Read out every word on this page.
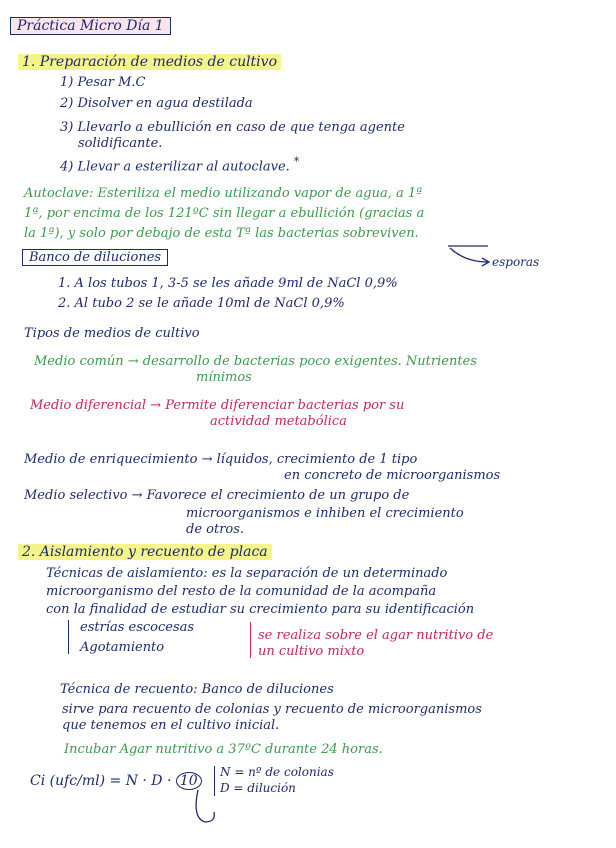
Práctica Micro Día 1
1. Preparación de medios de cultivo
1) Pesar M.C
2) Disolver en agua destilada
3) Llevarlo a ebullición en caso de que tenga agente
solidificante.
4) Llevar a esterilizar al autoclave. *
Autoclave: Esteriliza el medio utilizando vapor de agua, a 1ª
1ª, por encima de los 121ºC sin llegar a ebullición (gracias a
la 1ª), y solo por debajo de esta Tª las bacterias sobreviven.
esporas
Banco de diluciones
1. A los tubos 1, 3-5 se les añade 9ml de NaCl 0,9%
2. Al tubo 2 se le añade 10ml de NaCl 0,9%
Tipos de medios de cultivo
Medio común → desarrollo de bacterias poco exigentes. Nutrientes
mínimos
Medio diferencial → Permite diferenciar bacterias por su
actividad metabólica
Medio de enriquecimiento → líquidos, crecimiento de 1 tipo
en concreto de microorganismos
Medio selectivo → Favorece el crecimiento de un grupo de
microorganismos e inhiben el crecimiento
de otros.
2. Aislamiento y recuento de placa
Técnicas de aislamiento: es la separación de un determinado
microorganismo del resto de la comunidad de la acompaña
con la finalidad de estudiar su crecimiento para su identificación
estrías escocesas
Agotamiento
se realiza sobre el agar nutritivo de
un cultivo mixto
Técnica de recuento: Banco de diluciones
sirve para recuento de colonias y recuento de microorganismos
que tenemos en el cultivo inicial.
Incubar Agar nutritivo a 37ºC durante 24 horas.
Ci (ufc/ml) = N · D · 10
N = nº de colonias
D = dilución
